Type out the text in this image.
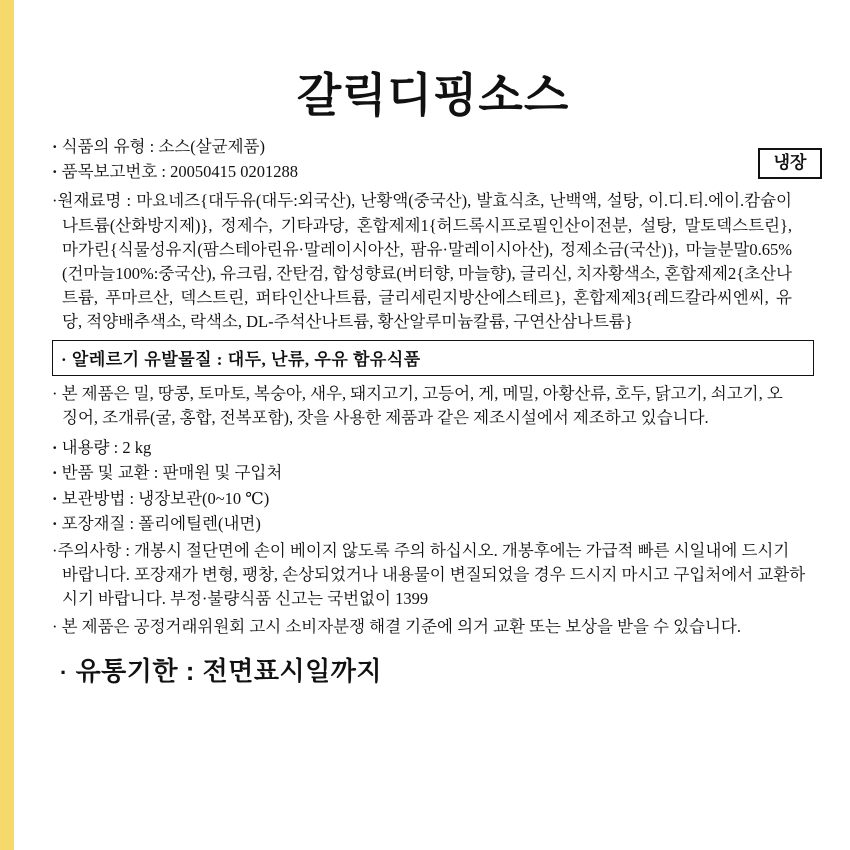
갈릭디핑소스
냉장
· 식품의 유형 : 소스(살균제품)
· 품목보고번호 : 20050415 0201288
·원재료명 : 마요네즈{대두유(대두:외국산), 난황액(중국산), 발효식초, 난백액, 설탕, 이.디.티.에이.캄슘이나트륨(산화방지제)}, 정제수, 기타과당, 혼합제제1{허드록시프로필인산이전분, 설탕, 말토덱스트린}, 마가린{식물성유지(팜스테아린유·말레이시아산, 팜유·말레이시아산), 정제소금(국산)}, 마늘분말0.65%(건마늘100%:중국산), 유크림, 잔탄검, 합성향료(버터향, 마늘향), 글리신, 치자황색소, 혼합제제2{초산나트륨, 푸마르산, 덱스트린, 퍼타인산나트륨, 글리세린지방산에스테르}, 혼합제제3{레드칼라씨엔씨, 유당, 적양배추색소, 락색소, DL-주석산나트륨, 황산알루미늄칼륨, 구연산삼나트륨}
· 알레르기 유발물질 : 대두, 난류, 우유 함유식품
· 본 제품은 밀, 땅콩, 토마토, 복숭아, 새우, 돼지고기, 고등어, 게, 메밀, 아황산류, 호두, 닭고기, 쇠고기, 오징어, 조개류(굴, 홍합, 전복포함), 잣을 사용한 제품과 같은 제조시설에서 제조하고 있습니다.
· 내용량 : 2 kg
· 반품 및 교환 : 판매원 및 구입처
· 보관방법 : 냉장보관(0~10 ℃)
· 포장재질 : 폴리에틸렌(내면)
·주의사항 : 개봉시 절단면에 손이 베이지 않도록 주의 하십시오. 개봉후에는 가급적 빠른 시일내에 드시기 바랍니다. 포장재가 변형, 팽창, 손상되었거나 내용물이 변질되었을 경우 드시지 마시고 구입처에서 교환하시기 바랍니다. 부정·불량식품 신고는 국번없이 1399
· 본 제품은 공정거래위원회 고시 소비자분쟁 해결 기준에 의거 교환 또는 보상을 받을 수 있습니다.
· 유통기한 : 전면표시일까지
